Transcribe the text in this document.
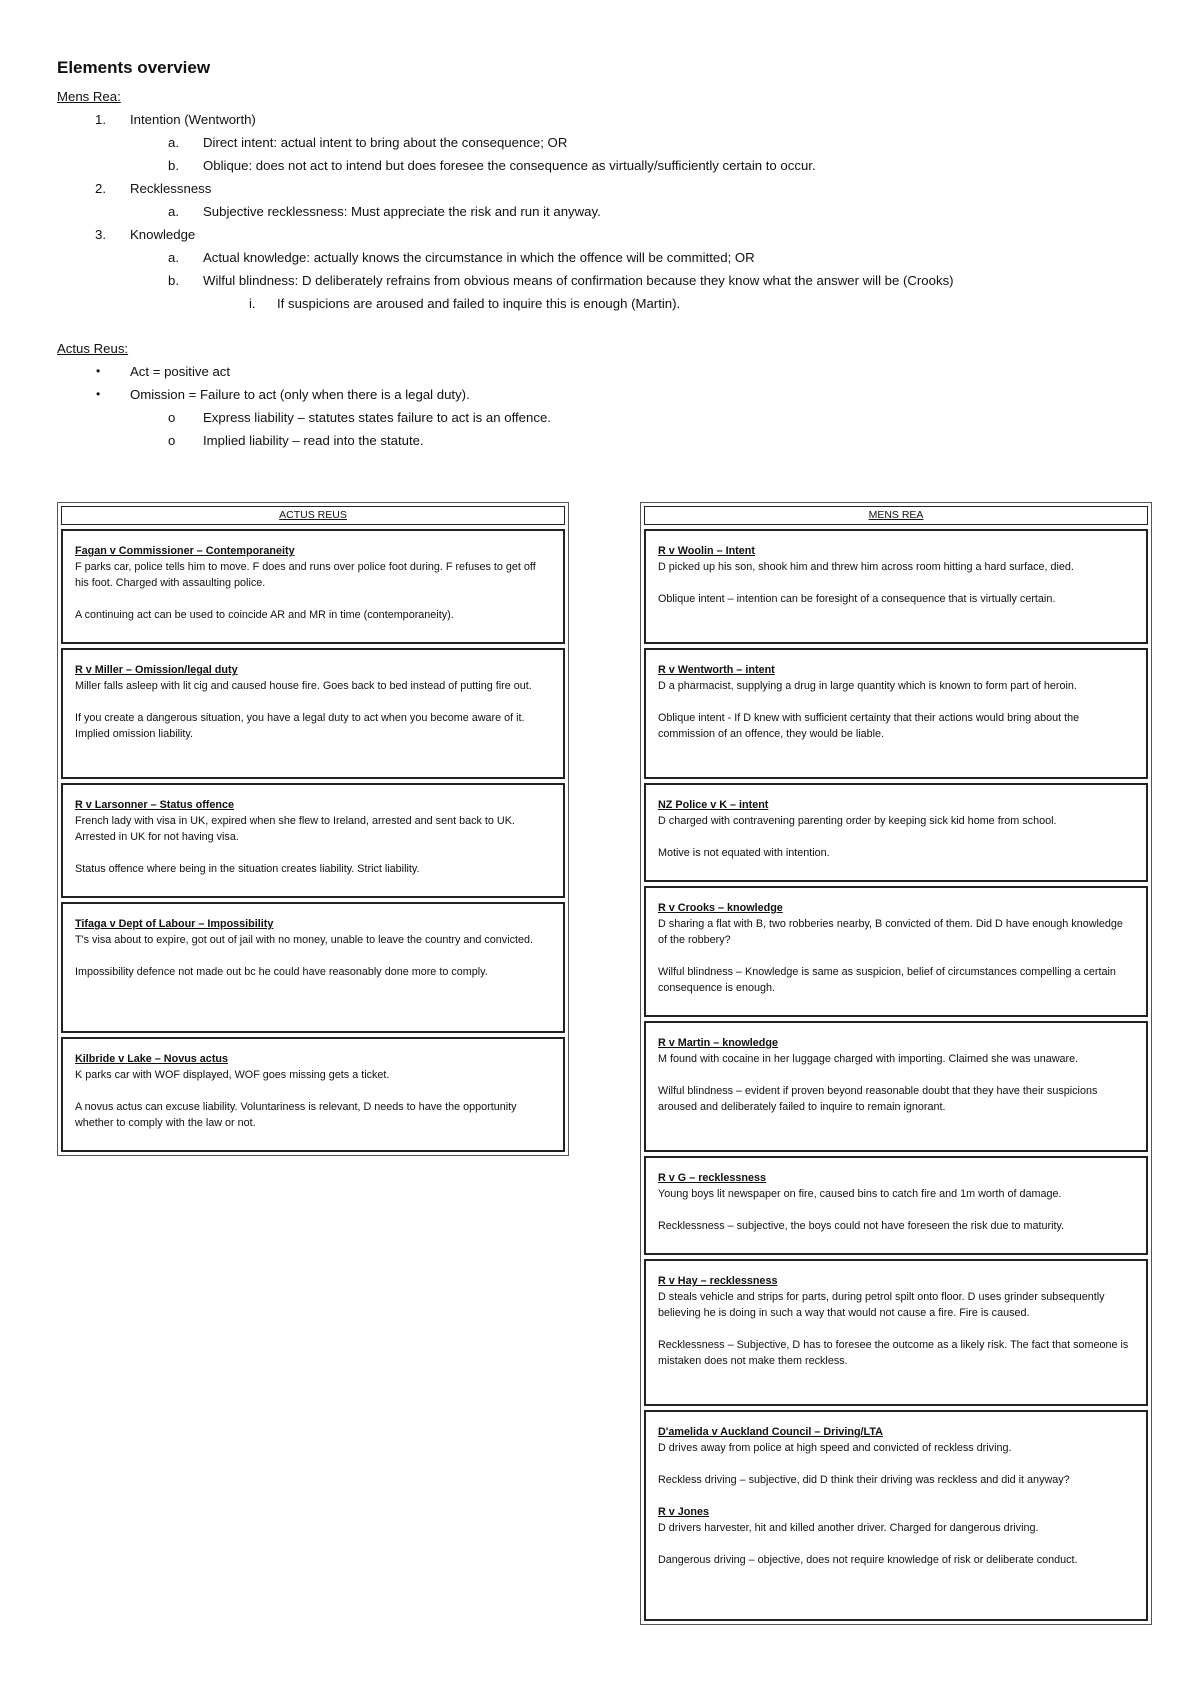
Elements overview
Mens Rea:
1. Intention (Wentworth)
a. Direct intent: actual intent to bring about the consequence; OR
b. Oblique: does not act to intend but does foresee the consequence as virtually/sufficiently certain to occur.
2. Recklessness
a. Subjective recklessness: Must appreciate the risk and run it anyway.
3. Knowledge
a. Actual knowledge: actually knows the circumstance in which the offence will be committed; OR
b. Wilful blindness: D deliberately refrains from obvious means of confirmation because they know what the answer will be (Crooks)
i. If suspicions are aroused and failed to inquire this is enough (Martin).
Actus Reus:
• Act = positive act
• Omission = Failure to act (only when there is a legal duty).
o Express liability – statutes states failure to act is an offence.
o Implied liability – read into the statute.
ACTUS REUS

Fagan v Commissioner – Contemporaneity

F parks car, police tells him to move. F does and runs over police foot during. F refuses to get off his foot. Charged with assaulting police.

A continuing act can be used to coincide AR and MR in time (contemporaneity).

R v Miller – Omission/legal duty

Miller falls asleep with lit cig and caused house fire. Goes back to bed instead of putting fire out.

If you create a dangerous situation, you have a legal duty to act when you become aware of it. Implied omission liability.

R v Larsonner – Status offence

French lady with visa in UK, expired when she flew to Ireland, arrested and sent back to UK. Arrested in UK for not having visa.

Status offence where being in the situation creates liability. Strict liability.

Tifaga v Dept of Labour – Impossibility

T's visa about to expire, got out of jail with no money, unable to leave the country and convicted.

Impossibility defence not made out bc he could have reasonably done more to comply.

Kilbride v Lake – Novus actus

K parks car with WOF displayed, WOF goes missing gets a ticket.

A novus actus can excuse liability. Voluntariness is relevant, D needs to have the opportunity whether to comply with the law or not.

MENS REA

R v Woolin – Intent

D picked up his son, shook him and threw him across room hitting a hard surface, died.

Oblique intent – intention can be foresight of a consequence that is virtually certain.

R v Wentworth – intent

D a pharmacist, supplying a drug in large quantity which is known to form part of heroin.

Oblique intent - If D knew with sufficient certainty that their actions would bring about the commission of an offence, they would be liable.

NZ Police v K – intent

D charged with contravening parenting order by keeping sick kid home from school.

Motive is not equated with intention.

R v Crooks – knowledge

D sharing a flat with B, two robberies nearby, B convicted of them. Did D have enough knowledge of the robbery?

Wilful blindness – Knowledge is same as suspicion, belief of circumstances compelling a certain consequence is enough.

R v Martin – knowledge

M found with cocaine in her luggage charged with importing. Claimed she was unaware.

Wilful blindness – evident if proven beyond reasonable doubt that they have their suspicions aroused and deliberately failed to inquire to remain ignorant.

R v G – recklessness

Young boys lit newspaper on fire, caused bins to catch fire and 1m worth of damage.

Recklessness – subjective, the boys could not have foreseen the risk due to maturity.

R v Hay – recklessness

D steals vehicle and strips for parts, during petrol spilt onto floor. D uses grinder subsequently believing he is doing in such a way that would not cause a fire. Fire is caused.

Recklessness – Subjective, D has to foresee the outcome as a likely risk. The fact that someone is mistaken does not make them reckless.

D'amelida v Auckland Council – Driving/LTA

D drives away from police at high speed and convicted of reckless driving.

Reckless driving – subjective, did D think their driving was reckless and did it anyway?

R v Jones

D drivers harvester, hit and killed another driver. Charged for dangerous driving.

Dangerous driving – objective, does not require knowledge of risk or deliberate conduct.
